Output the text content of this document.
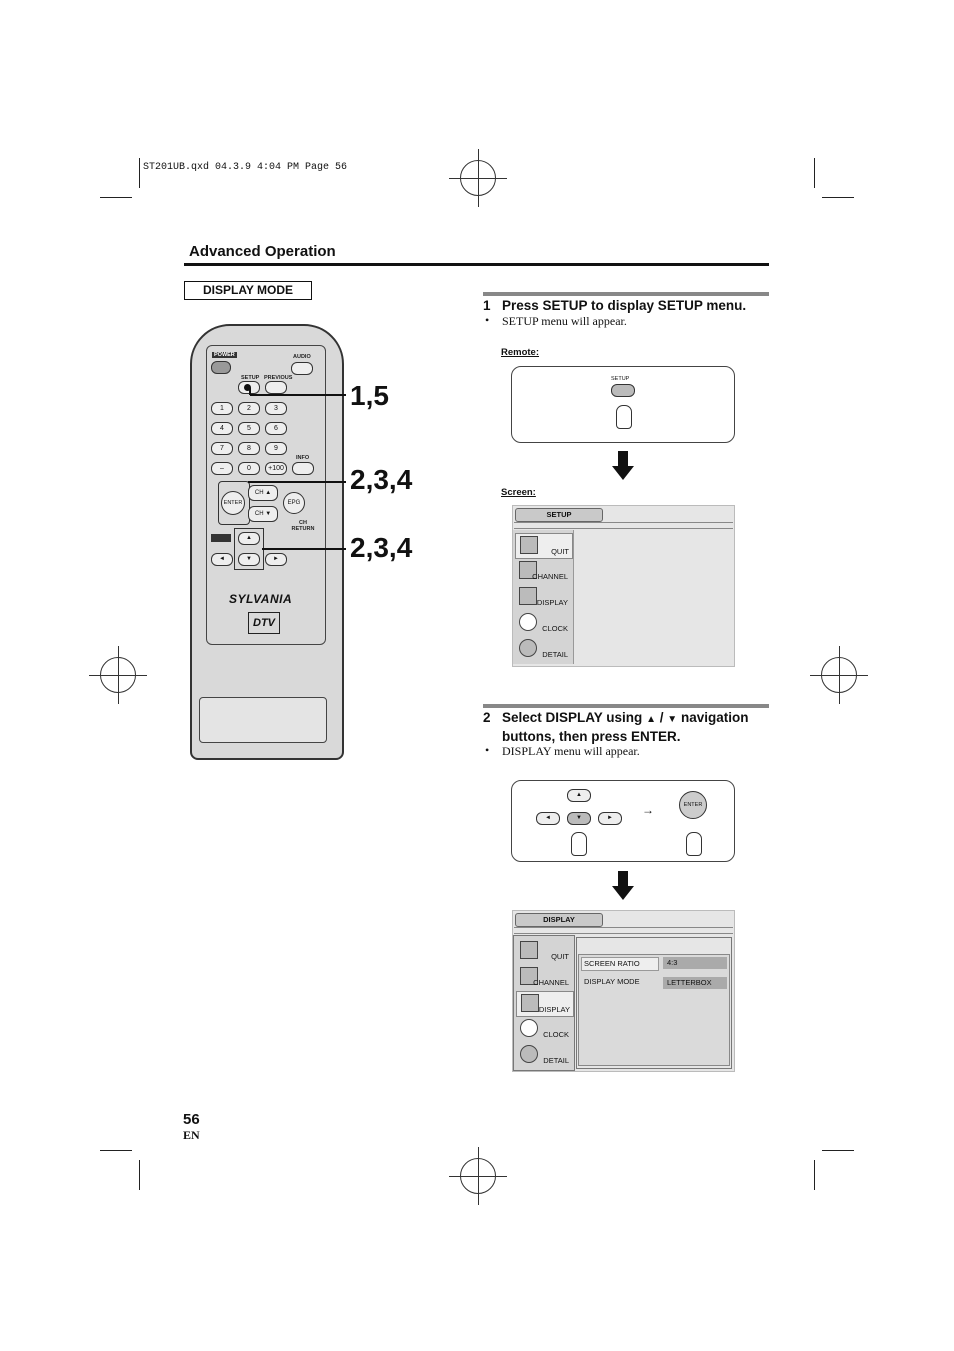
ST201UB.qxd 04.3.9 4:04 PM Page 56
Advanced Operation
DISPLAY MODE
POWER	AUDIO
SETUP PREVIOUS
1	2	3
4	5	6
7	8	9
–	0	+100
INFO
ENTER
CH ▲
CH ▼
EPG
CH RETURN
▲
▼
◄	►
SYLVANIA
DTV
1,5
2,3,4
2,3,4
1 Press SETUP to display SETUP menu.
• SETUP menu will appear.
Remote:
SETUP
Screen:
SETUP
QUIT
CHANNEL
DISPLAY
CLOCK
DETAIL
2 Select DISPLAY using ▲ / ▼ navigation buttons, then press ENTER.
• DISPLAY menu will appear.
▲
◄	▼	►
→	ENTER
DISPLAY
QUIT
CHANNEL
DISPLAY
CLOCK
DETAIL
SCREEN RATIO	4:3
DISPLAY MODE	LETTERBOX
56
EN
